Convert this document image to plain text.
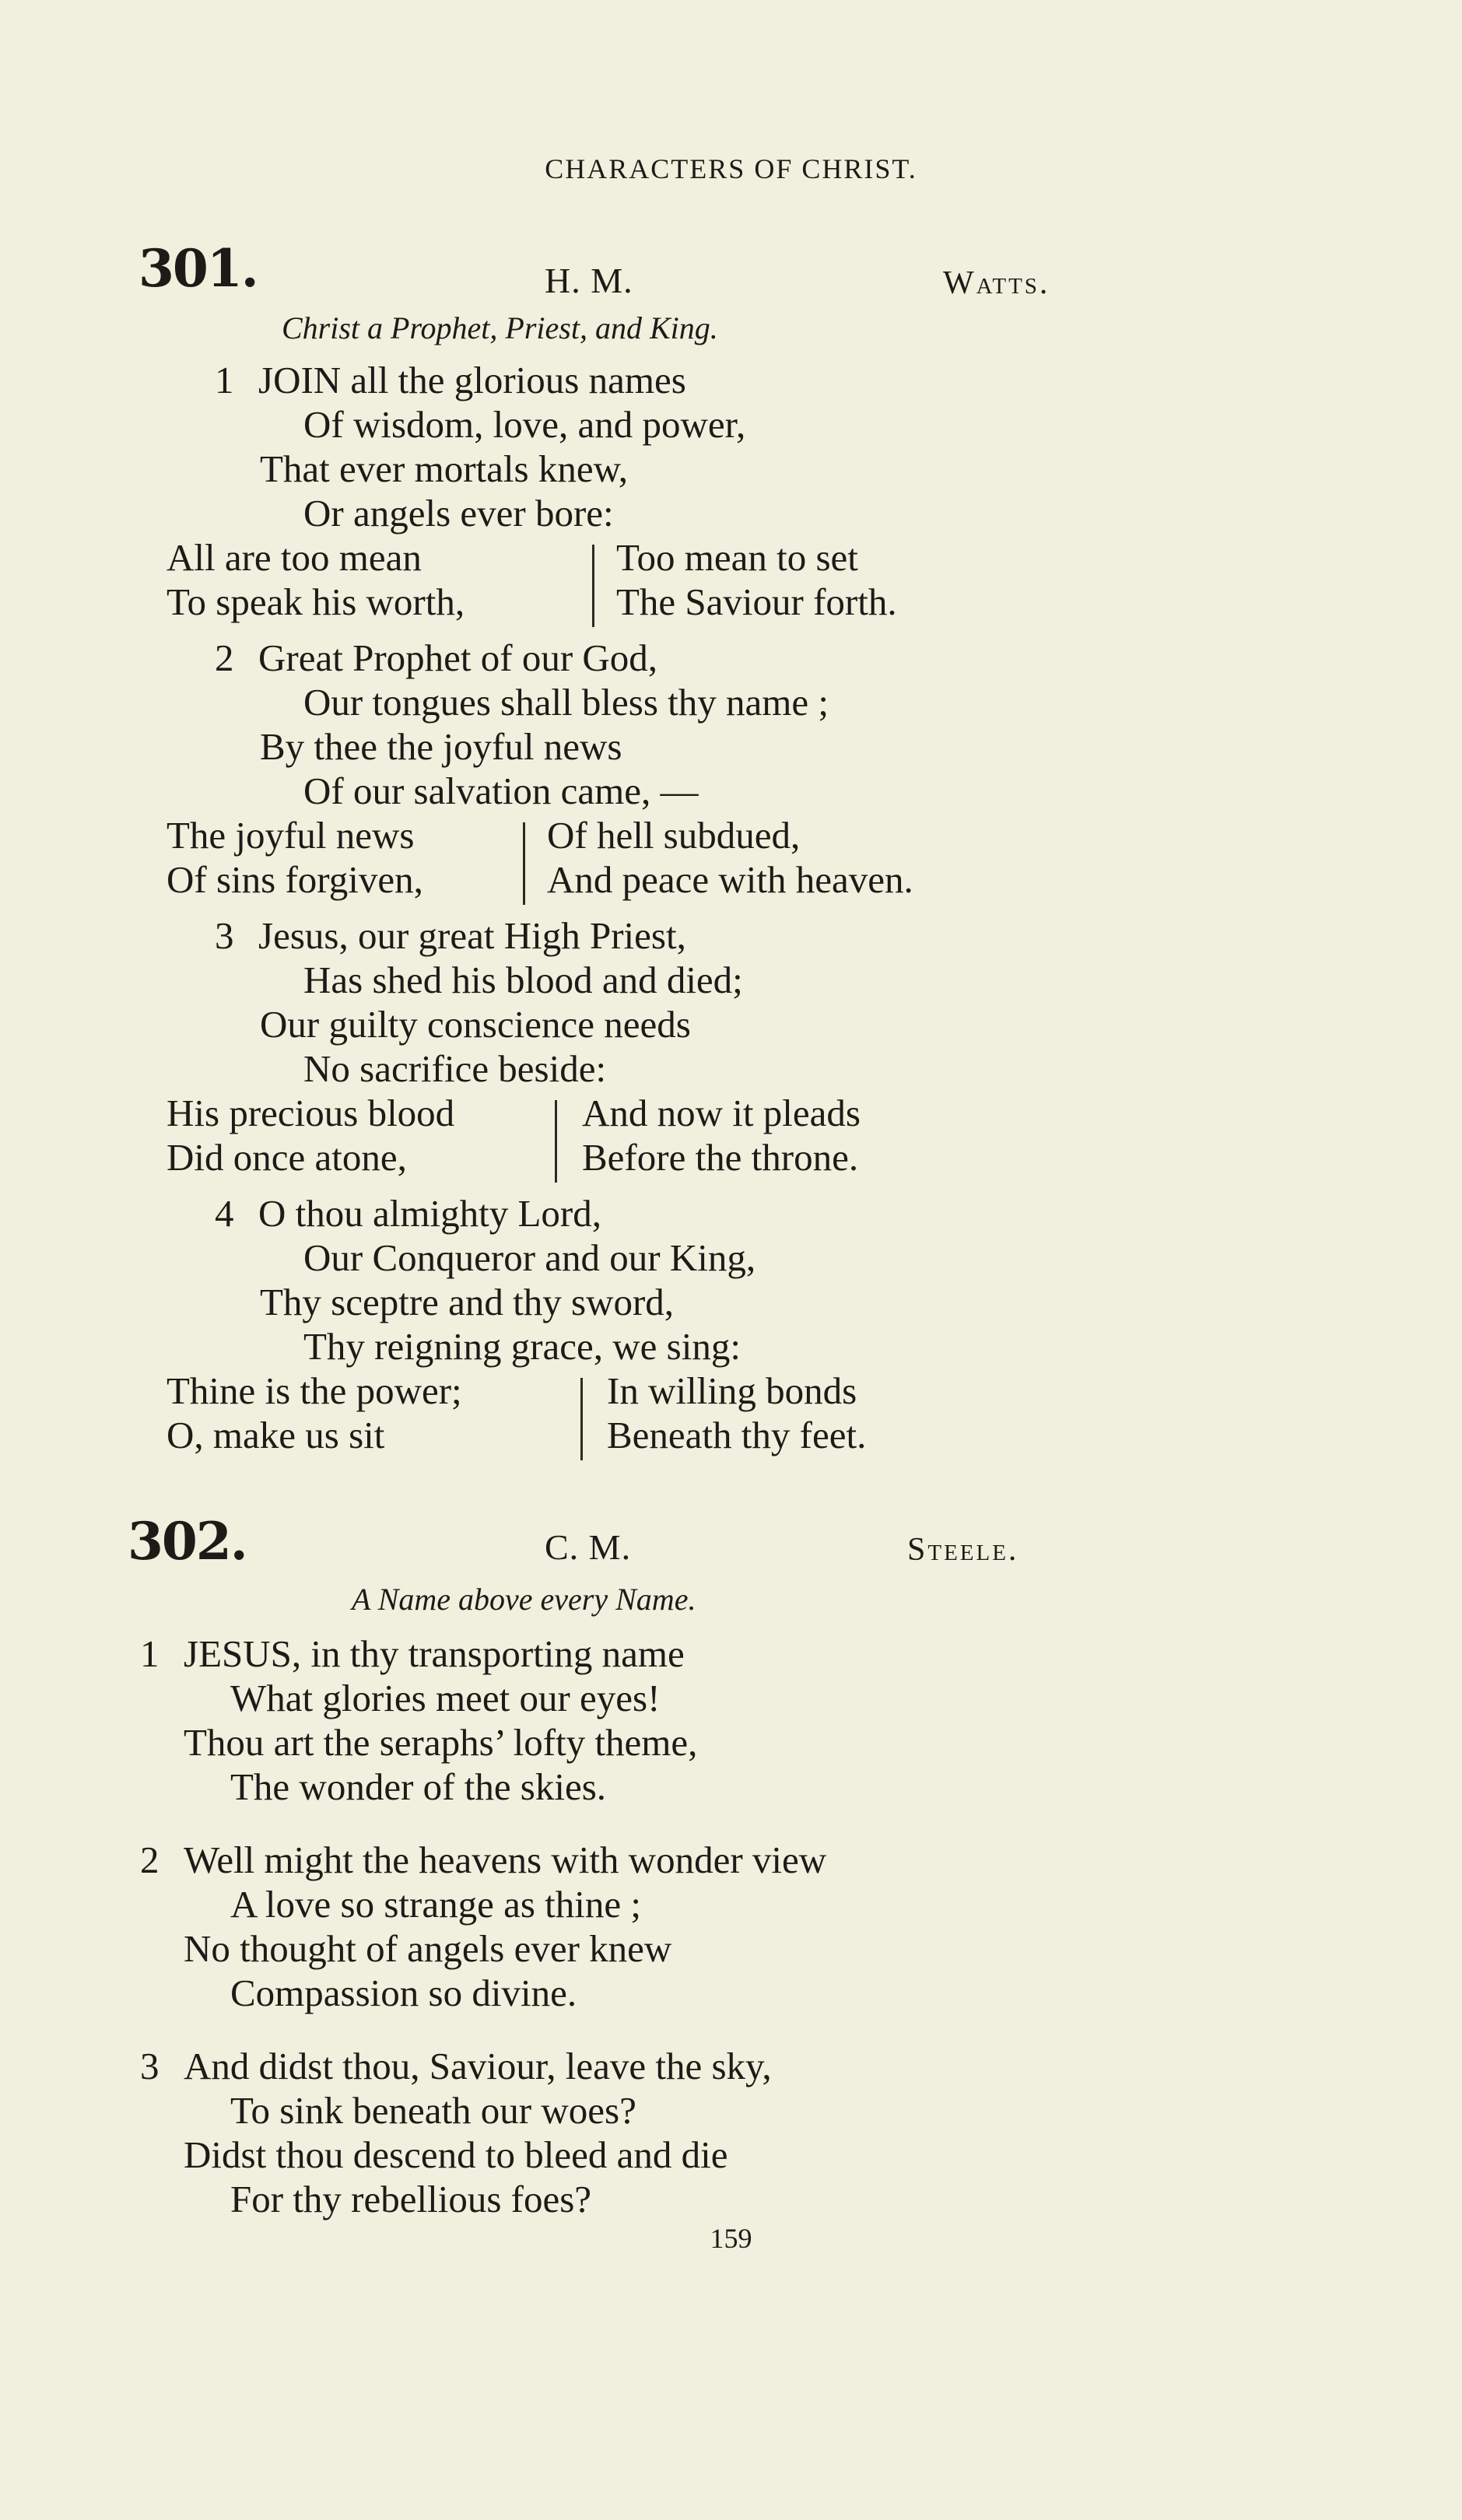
CHARACTERS OF CHRIST.
301.	H. M.	Watts.
Christ a Prophet, Priest, and King.
1 JOIN all the glorious names
Of wisdom, love, and power,
That ever mortals knew,
Or angels ever bore:
All are too mean
To speak his worth,
Too mean to set
The Saviour forth.
2 Great Prophet of our God,
Our tongues shall bless thy name ;
By thee the joyful news
Of our salvation came, —
The joyful news
Of sins forgiven,
Of hell subdued,
And peace with heaven.
3 Jesus, our great High Priest,
Has shed his blood and died;
Our guilty conscience needs
No sacrifice beside:
His precious blood
Did once atone,
And now it pleads
Before the throne.
4 O thou almighty Lord,
Our Conqueror and our King,
Thy sceptre and thy sword,
Thy reigning grace, we sing:
Thine is the power;
O, make us sit
In willing bonds
Beneath thy feet.
302.	C. M.	Steele.
A Name above every Name.
1 JESUS, in thy transporting name
What glories meet our eyes!
Thou art the seraphs’ lofty theme,
The wonder of the skies.
2 Well might the heavens with wonder view
A love so strange as thine ;
No thought of angels ever knew
Compassion so divine.
3 And didst thou, Saviour, leave the sky,
To sink beneath our woes?
Didst thou descend to bleed and die
For thy rebellious foes?
159
